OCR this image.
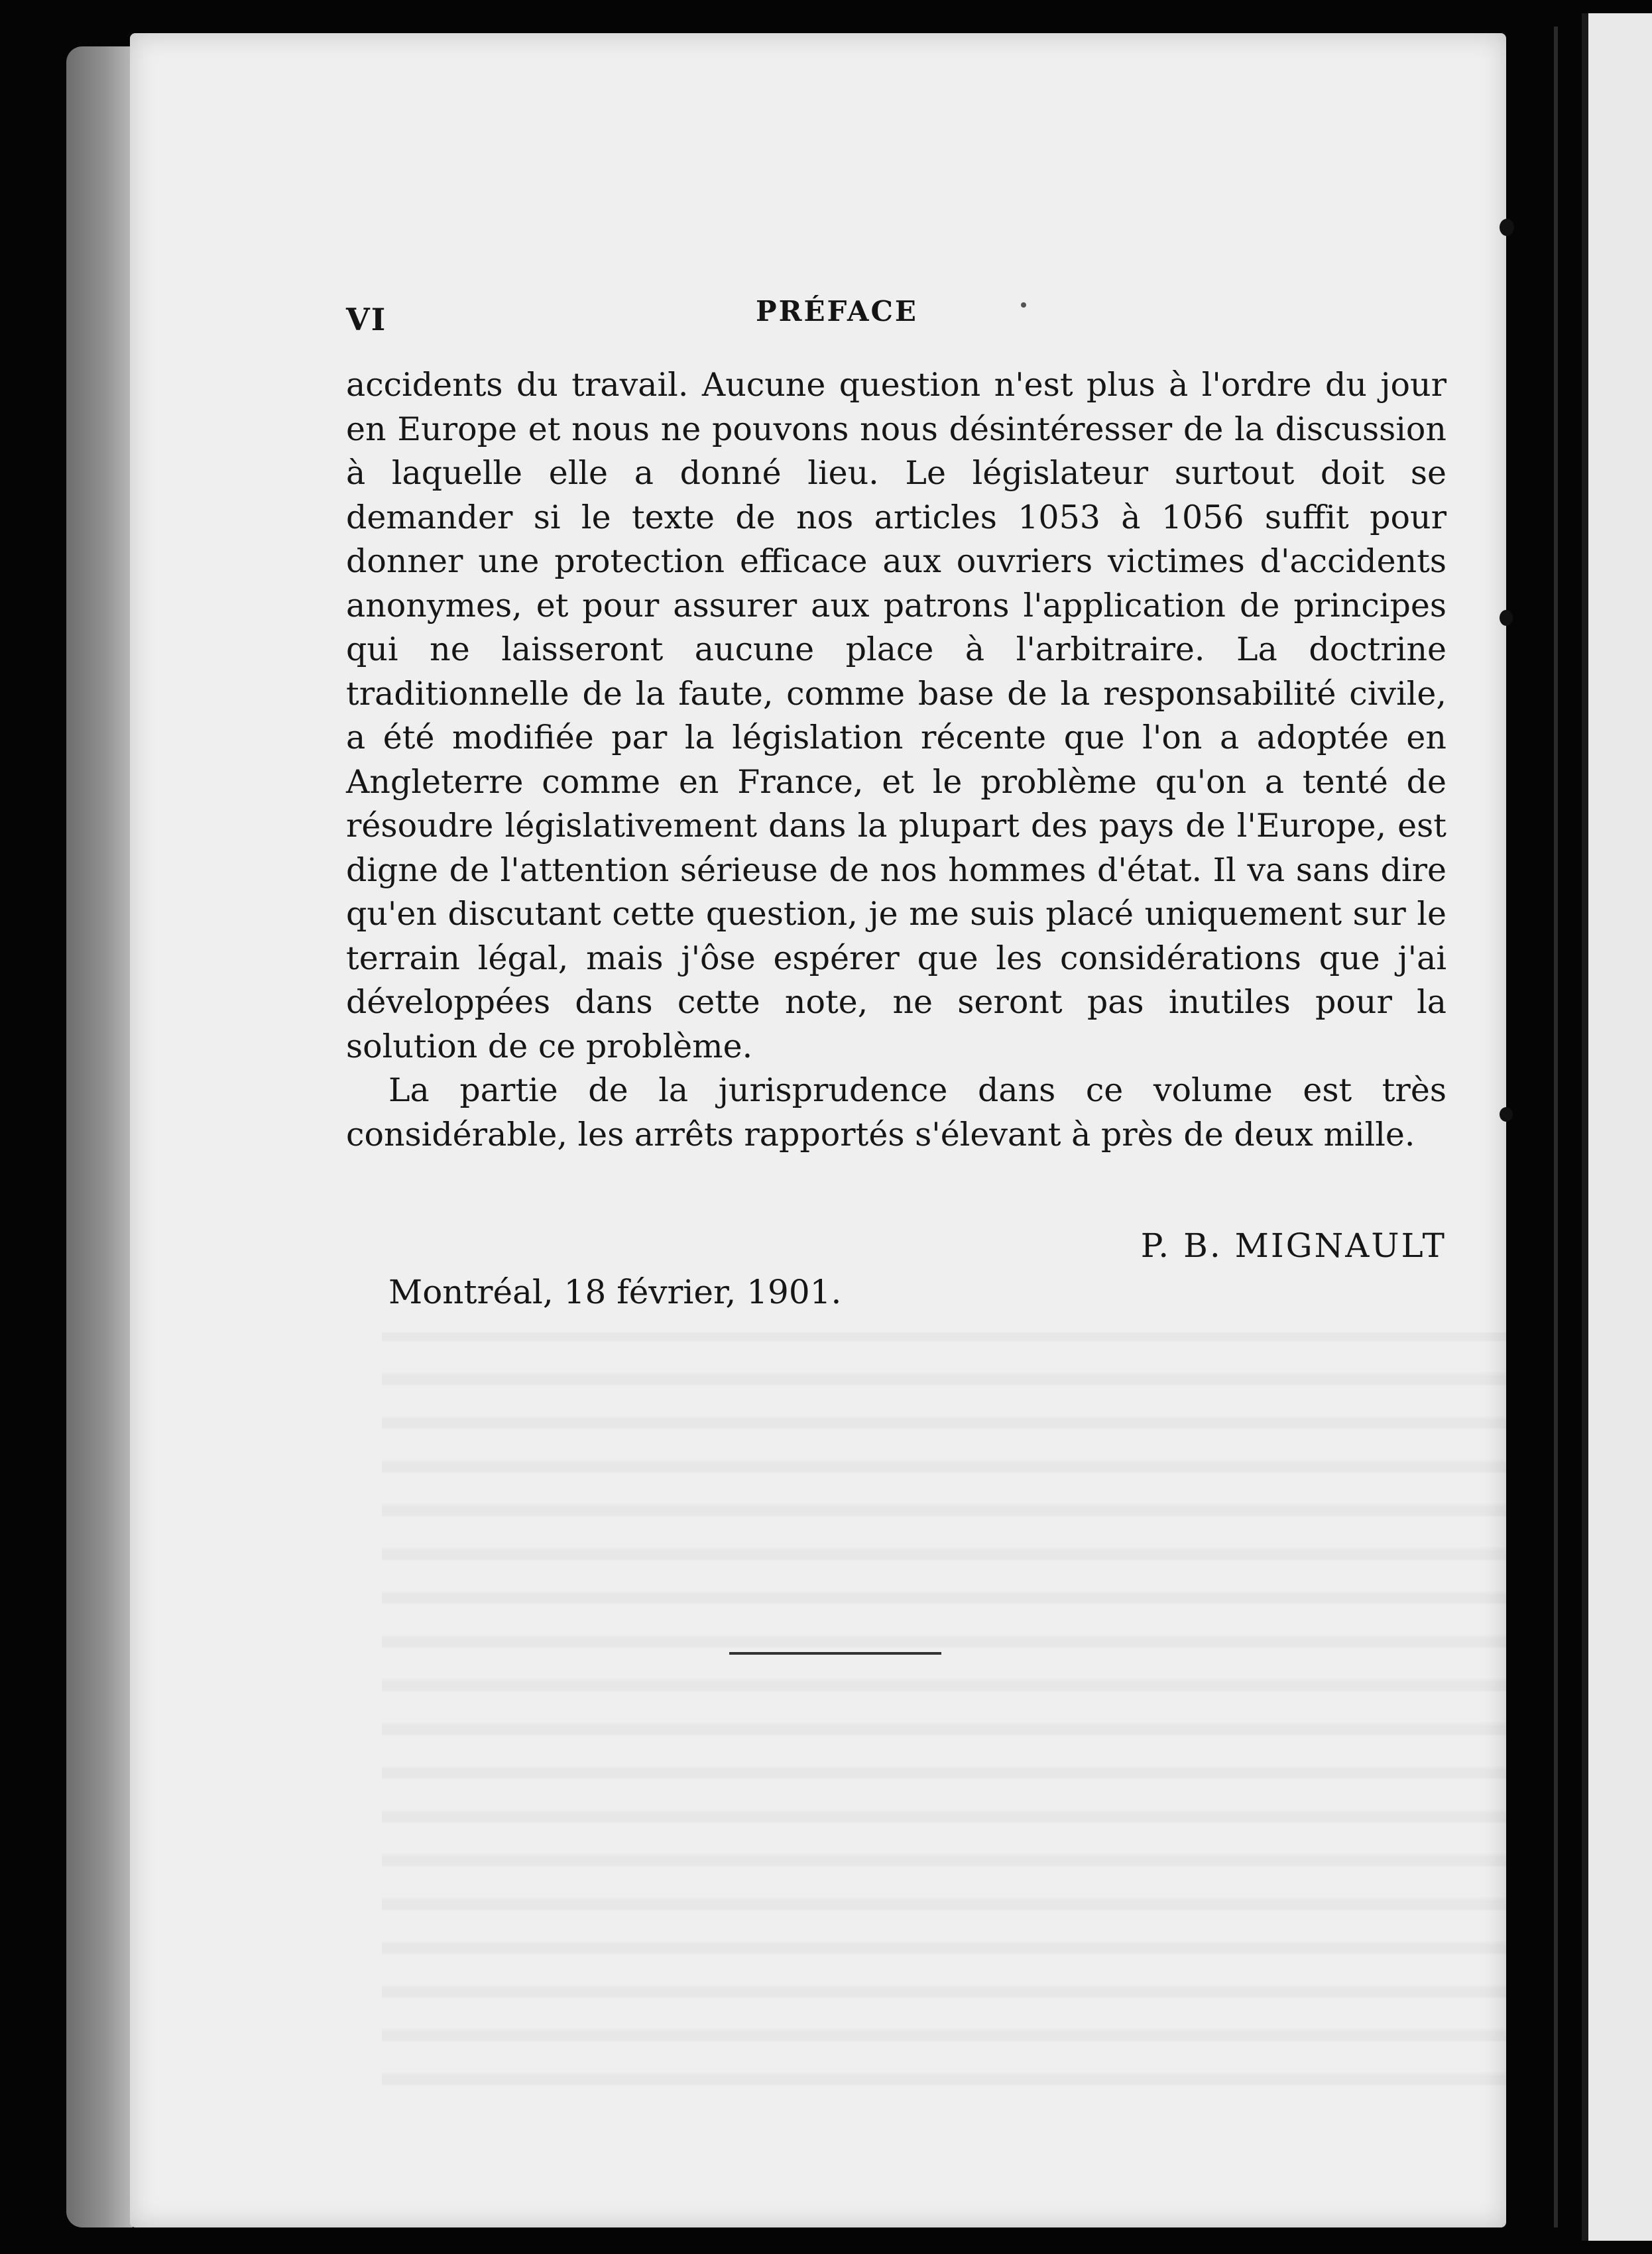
VI	PRÉFACE

accidents du travail. Aucune question n'est plus à l'ordre du jour en Europe et nous ne pouvons nous désintéresser de la discussion à laquelle elle a donné lieu. Le législateur surtout doit se demander si le texte de nos articles 1053 à 1056 suffit pour donner une protection efficace aux ouvriers victimes d'accidents anonymes, et pour assurer aux patrons l'application de principes qui ne laisseront aucune place à l'arbitraire. La doctrine traditionnelle de la faute, comme base de la responsabilité civile, a été modifiée par la législation récente que l'on a adoptée en Angleterre comme en France, et le problème qu'on a tenté de résoudre législativement dans la plupart des pays de l'Europe, est digne de l'attention sérieuse de nos hommes d'état. Il va sans dire qu'en discutant cette question, je me suis placé uniquement sur le terrain légal, mais j'ôse espérer que les considérations que j'ai développées dans cette note, ne seront pas inutiles pour la solution de ce problème.

La partie de la jurisprudence dans ce volume est très considérable, les arrêts rapportés s'élevant à près de deux mille.

P. B. MIGNAULT
Montréal, 18 février, 1901.
